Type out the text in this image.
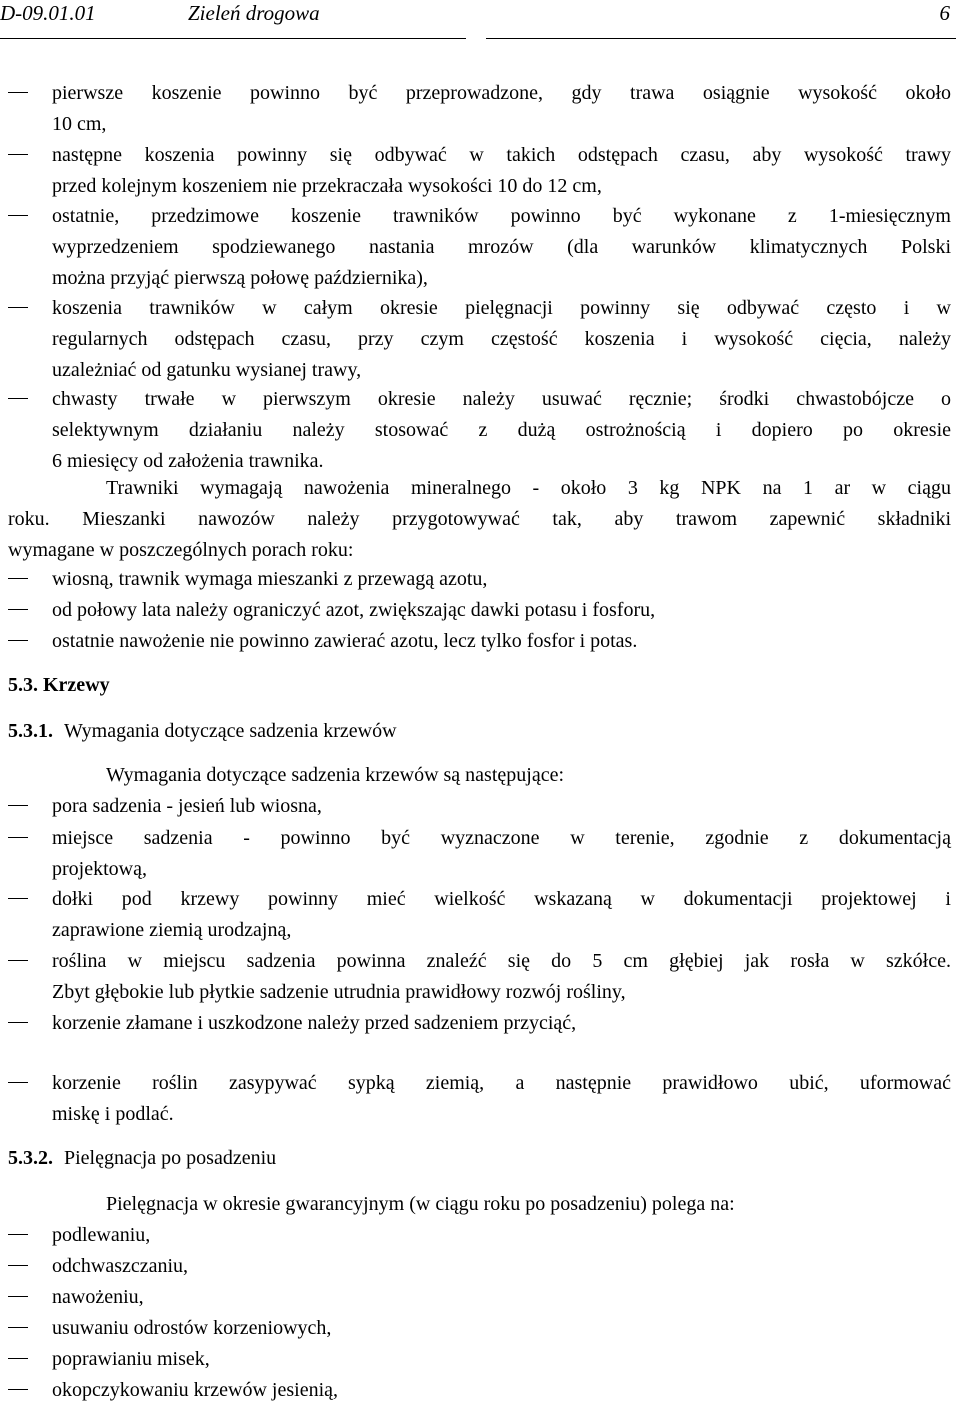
D-09.01.01	Zieleń drogowa	6
pierwsze koszenie powinno być przeprowadzone, gdy trawa osiągnie wysokość około
10 cm,
następne koszenia powinny się odbywać w takich odstępach czasu, aby wysokość trawy
przed kolejnym koszeniem nie przekraczała wysokości 10 do 12 cm,
ostatnie, przedzimowe koszenie trawników powinno być wykonane z 1-miesięcznym
wyprzedzeniem spodziewanego nastania mrozów (dla warunków klimatycznych Polski
można przyjąć pierwszą połowę października),
koszenia trawników w całym okresie pielęgnacji powinny się odbywać często i w
regularnych odstępach czasu, przy czym częstość koszenia i wysokość cięcia, należy
uzależniać od gatunku wysianej trawy,
chwasty trwałe w pierwszym okresie należy usuwać ręcznie; środki chwastobójcze o
selektywnym działaniu należy stosować z dużą ostrożnością i dopiero po okresie
6 miesięcy od założenia trawnika.
Trawniki wymagają nawożenia mineralnego - około 3 kg NPK na 1 ar w ciągu
roku. Mieszanki nawozów należy przygotowywać tak, aby trawom zapewnić składniki
wymagane w poszczególnych porach roku:
wiosną, trawnik wymaga mieszanki z przewagą azotu,
od połowy lata należy ograniczyć azot, zwiększając dawki potasu i fosforu,
ostatnie nawożenie nie powinno zawierać azotu, lecz tylko fosfor i potas.
5.3. Krzewy
5.3.1. Wymagania dotyczące sadzenia krzewów
Wymagania dotyczące sadzenia krzewów są następujące:
pora sadzenia - jesień lub wiosna,
miejsce sadzenia - powinno być wyznaczone w terenie, zgodnie z dokumentacją
projektową,
dołki pod krzewy powinny mieć wielkość wskazaną w dokumentacji projektowej i
zaprawione ziemią urodzajną,
roślina w miejscu sadzenia powinna znaleźć się do 5 cm głębiej jak rosła w szkółce.
Zbyt głębokie lub płytkie sadzenie utrudnia prawidłowy rozwój rośliny,
korzenie złamane i uszkodzone należy przed sadzeniem przyciąć,
korzenie roślin zasypywać sypką ziemią, a następnie prawidłowo ubić, uformować
miskę i podlać.
5.3.2. Pielęgnacja po posadzeniu
Pielęgnacja w okresie gwarancyjnym (w ciągu roku po posadzeniu) polega na:
podlewaniu,
odchwaszczaniu,
nawożeniu,
usuwaniu odrostów korzeniowych,
poprawianiu misek,
okopczykowaniu krzewów jesienią,
